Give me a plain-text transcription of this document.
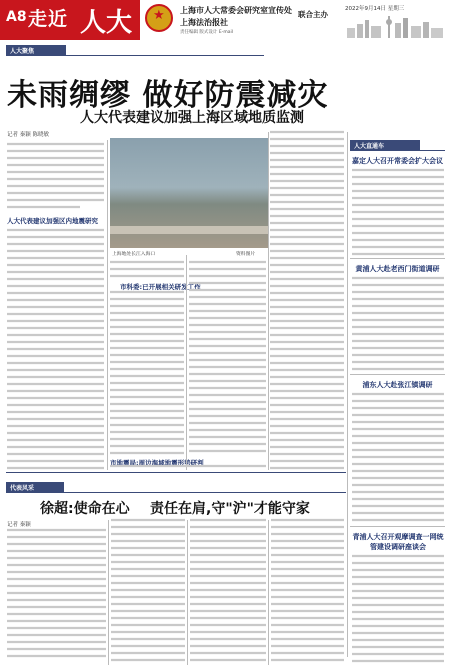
A8 走近 人大
★	上海市人大常委会研究室宣传处
上海法治报社
责任编辑 版式设计 E-mail
联合主办
2022年9月14日 星期三
人大聚焦
未雨绸缪 做好防震减灾
人大代表建议加强上海区域地质监测
记者 秦颖 陈晓敏
上海地处长江入海口	资料图片
人大代表建议加强区内地震研究
市科委:已开展相关研发工作
市地震局:周边海域地震形势研判
人大直通车
嘉定人大召开常委会扩大会议
黄浦人大赴老西门街道调研
浦东人大赴张江镇调研
青浦人大召开观摩调查一网统管建设调研座谈会
代表风采
徐超:使命在心 责任在肩,守"沪"才能守家
记者 秦颖
